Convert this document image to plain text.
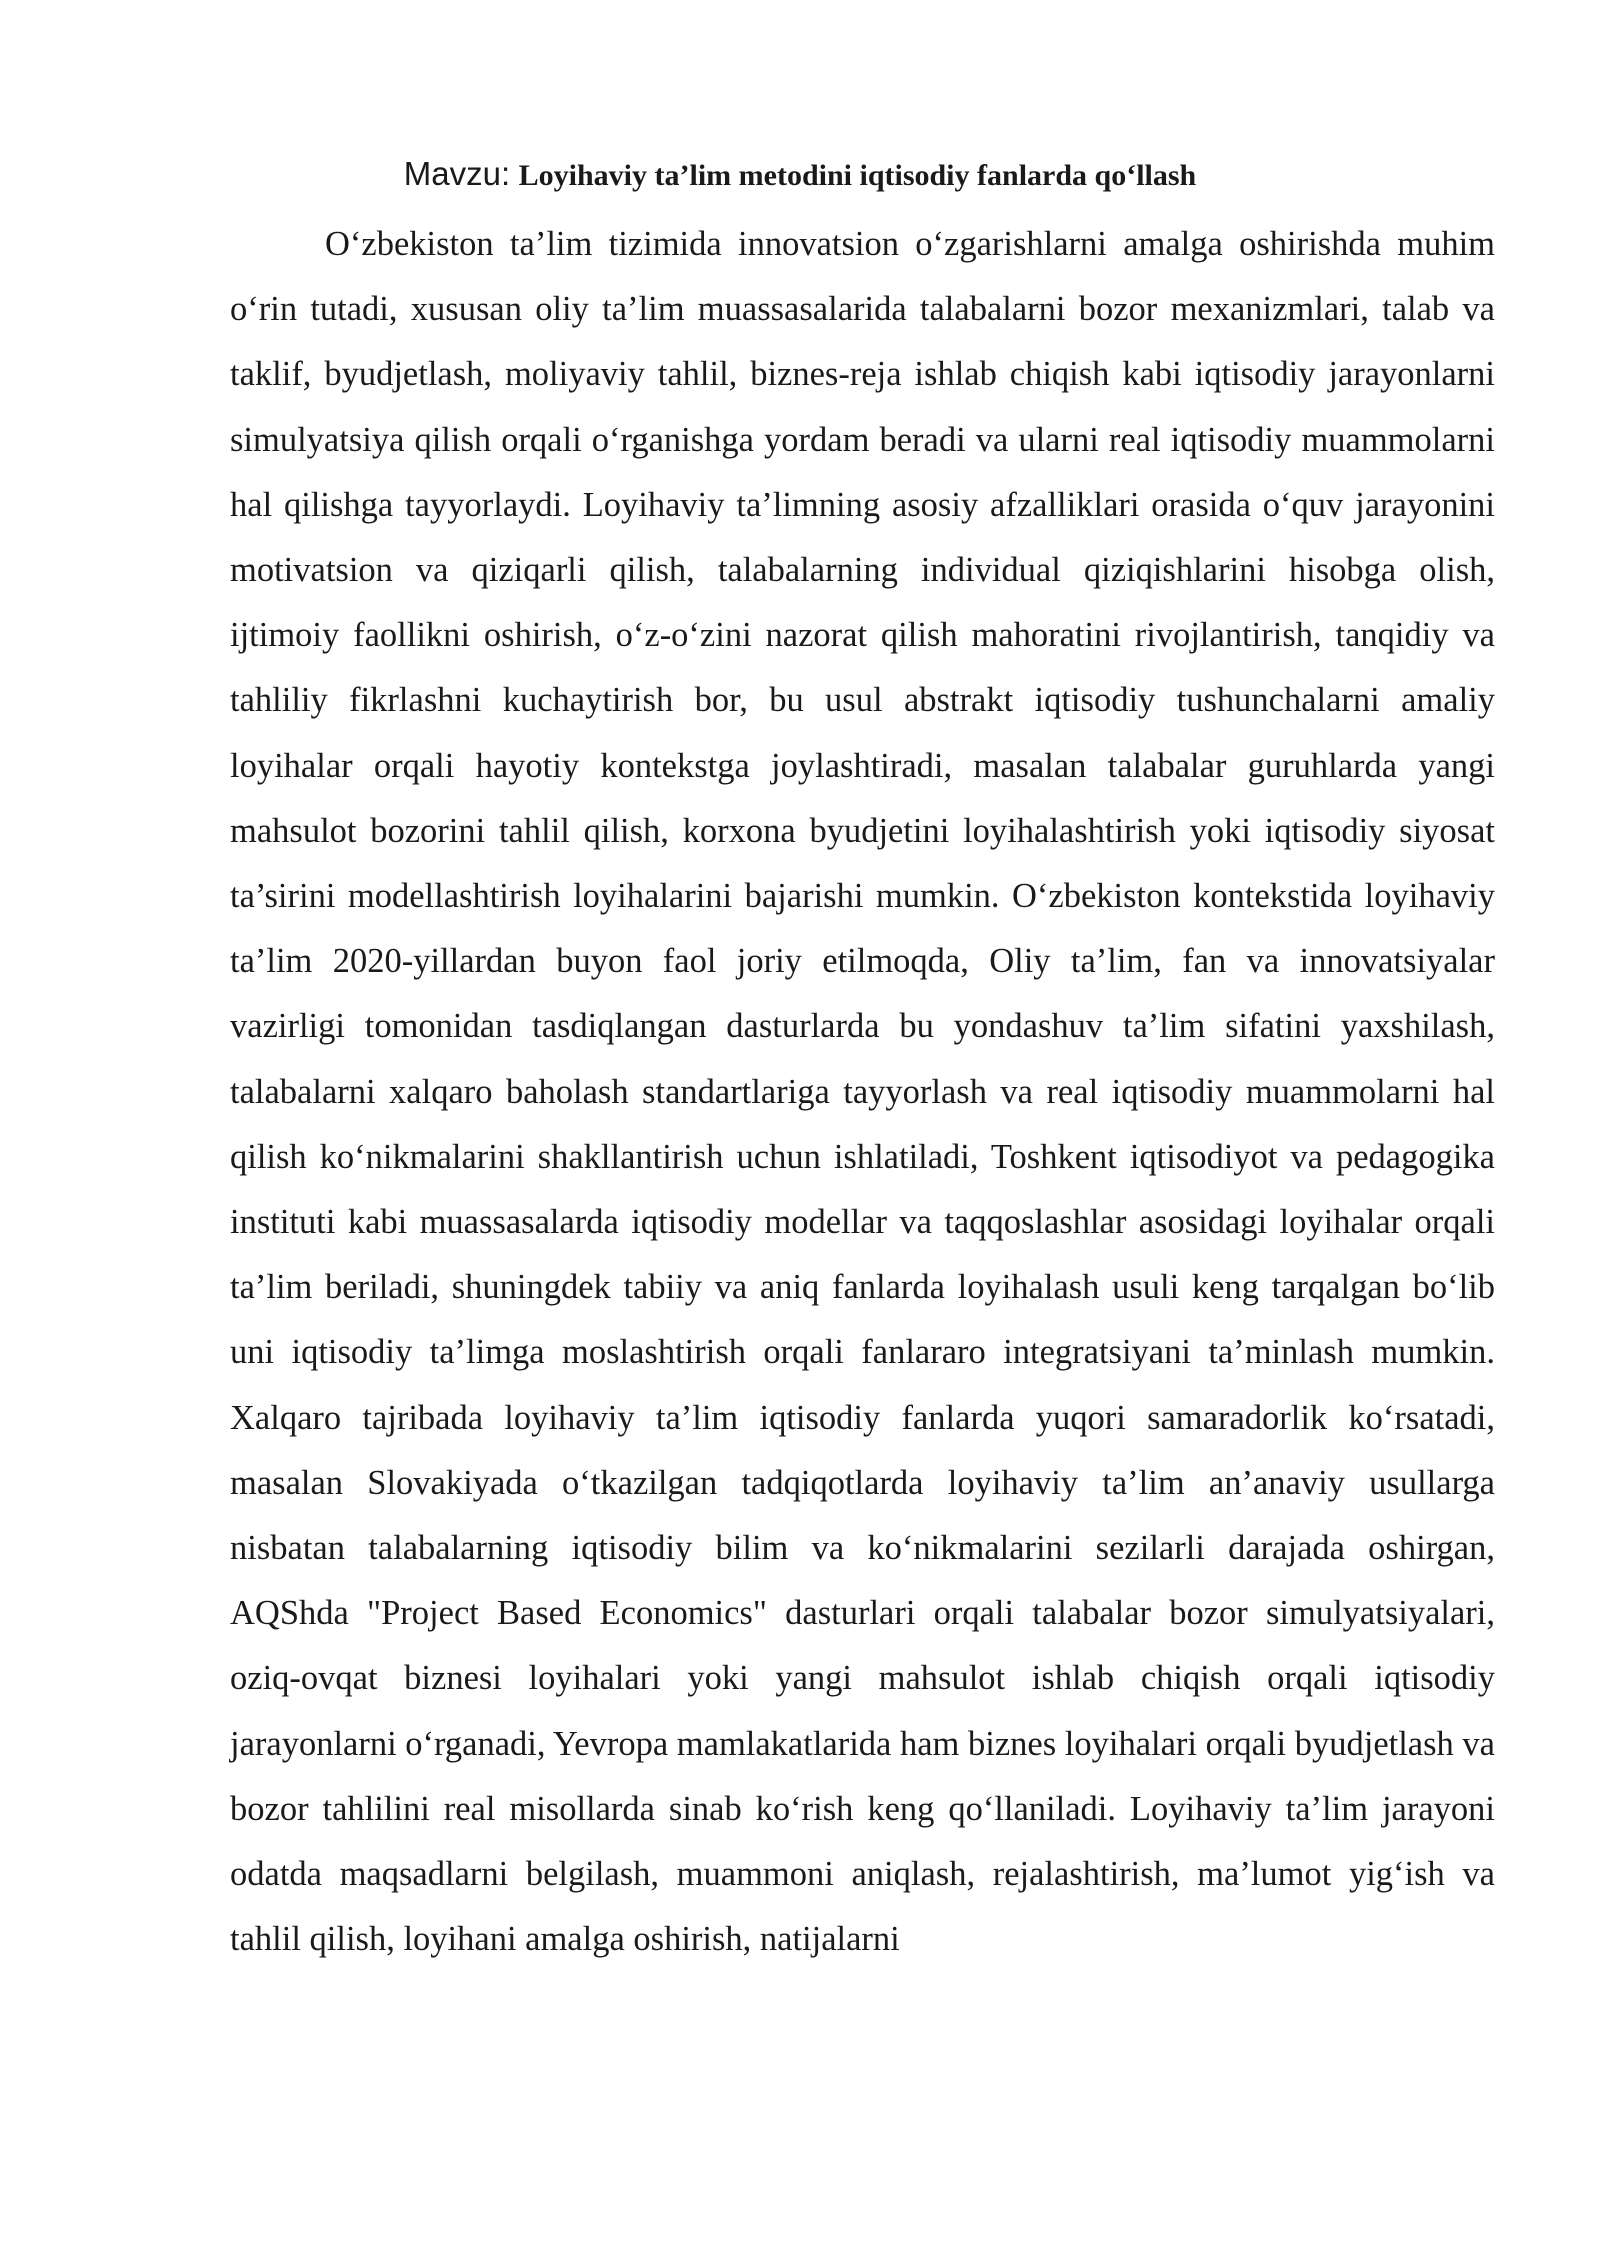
Mavzu: Loyihaviy ta’lim metodini iqtisodiy fanlarda qo‘llash

O‘zbekiston ta’lim tizimida innovatsion o‘zgarishlarni amalga oshirishda muhim o‘rin tutadi, xususan oliy ta’lim muassasalarida talabalarni bozor mexanizmlari, talab va taklif, byudjetlash, moliyaviy tahlil, biznes-reja ishlab chiqish kabi iqtisodiy jarayonlarni simulyatsiya qilish orqali o‘rganishga yordam beradi va ularni real iqtisodiy muammolarni hal qilishga tayyorlaydi. Loyihaviy ta’limning asosiy afzalliklari orasida o‘quv jarayonini motivatsion va qiziqarli qilish, talabalarning individual qiziqishlarini hisobga olish, ijtimoiy faollikni oshirish, o‘z-o‘zini nazorat qilish mahoratini rivojlantirish, tanqidiy va tahliliy fikrlashni kuchaytirish bor, bu usul abstrakt iqtisodiy tushunchalarni amaliy loyihalar orqali hayotiy kontekstga joylashtiradi, masalan talabalar guruhlarda yangi mahsulot bozorini tahlil qilish, korxona byudjetini loyihalashtirish yoki iqtisodiy siyosat ta’sirini modellashtirish loyihalarini bajarishi mumkin. O‘zbekiston kontekstida loyihaviy ta’lim 2020-yillardan buyon faol joriy etilmoqda, Oliy ta’lim, fan va innovatsiyalar vazirligi tomonidan tasdiqlangan dasturlarda bu yondashuv ta’lim sifatini yaxshilash, talabalarni xalqaro baholash standartlariga tayyorlash va real iqtisodiy muammolarni hal qilish ko‘nikmalarini shakllantirish uchun ishlatiladi, Toshkent iqtisodiyot va pedagogika instituti kabi muassasalarda iqtisodiy modellar va taqqoslashlar asosidagi loyihalar orqali ta’lim beriladi, shuningdek tabiiy va aniq fanlarda loyihalash usuli keng tarqalgan bo‘lib uni iqtisodiy ta’limga moslashtirish orqali fanlararo integratsiyani ta’minlash mumkin. Xalqaro tajribada loyihaviy ta’lim iqtisodiy fanlarda yuqori samaradorlik ko‘rsatadi, masalan Slovakiyada o‘tkazilgan tadqiqotlarda loyihaviy ta’lim an’anaviy usullarga nisbatan talabalarning iqtisodiy bilim va ko‘nikmalarini sezilarli darajada oshirgan, AQShda "Project Based Economics" dasturlari orqali talabalar bozor simulyatsiyalari, oziq-ovqat biznesi loyihalari yoki yangi mahsulot ishlab chiqish orqali iqtisodiy jarayonlarni o‘rganadi, Yevropa mamlakatlarida ham biznes loyihalari orqali byudjetlash va bozor tahlilini real misollarda sinab ko‘rish keng qo‘llaniladi. Loyihaviy ta’lim jarayoni odatda maqsadlarni belgilash, muammoni aniqlash, rejalashtirish, ma’lumot yig‘ish va tahlil qilish, loyihani amalga oshirish, natijalarni
